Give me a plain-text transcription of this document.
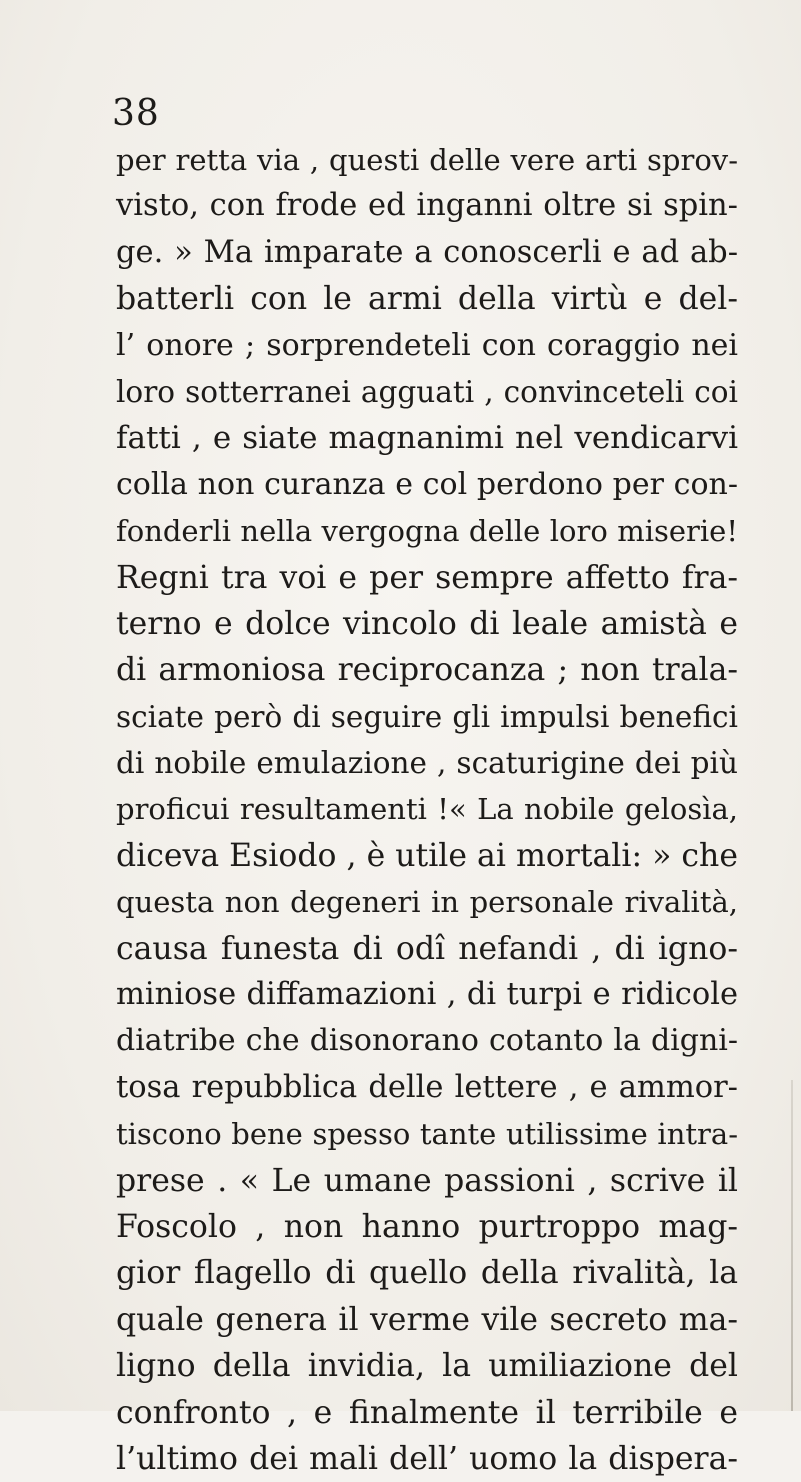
38
per retta via , questi delle vere arti sprov-
visto, con frode ed inganni oltre si spin-
ge. » Ma imparate a conoscerli e ad ab-
batterli con le armi della virtù e del-
l’ onore ; sorprendeteli con coraggio nei
loro sotterranei agguati , convinceteli coi
fatti , e siate magnanimi nel vendicarvi
colla non curanza e col perdono per con-
fonderli nella vergogna delle loro miserie!
Regni tra voi e per sempre affetto fra-
terno e dolce vincolo di leale amistà e
di armoniosa reciprocanza ; non trala-
sciate però di seguire gli impulsi benefici
di nobile emulazione , scaturigine dei più
proficui resultamenti !« La nobile gelosìa,
diceva Esiodo , è utile ai mortali: » che
questa non degeneri in personale rivalità,
causa funesta di odî nefandi , di igno-
miniose diffamazioni , di turpi e ridicole
diatribe che disonorano cotanto la digni-
tosa repubblica delle lettere , e ammor-
tiscono bene spesso tante utilissime intra-
prese . « Le umane passioni , scrive il
Foscolo , non hanno purtroppo mag-
gior flagello di quello della rivalità, la
quale genera il verme vile secreto ma-
ligno della invidia, la umiliazione del
confronto , e finalmente il terribile e
l’ultimo dei mali dell’ uomo la dispera-
